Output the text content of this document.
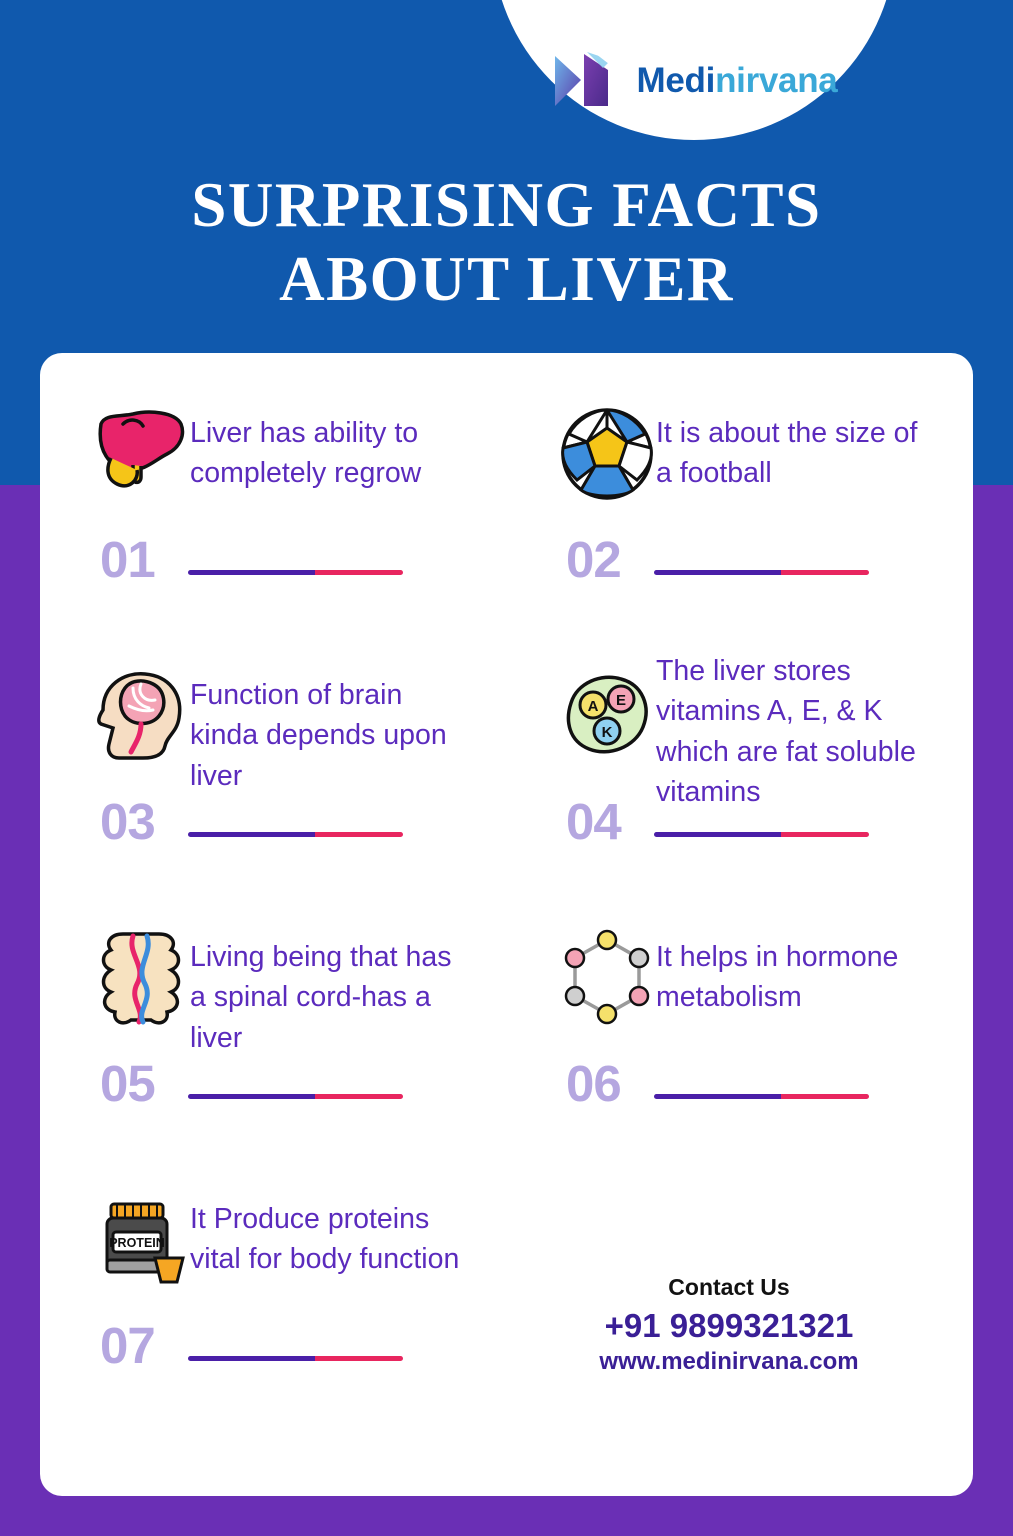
Medinirvana
SURPRISING FACTS
ABOUT LIVER
Liver has ability to completely regrow
01
It is about the size of a football
02
Function of brain kinda depends upon liver
03
A E
K
The liver stores vitamins A, E, & K which are fat soluble vitamins
04
Living being that has a spinal cord-has a liver
05
It helps in hormone metabolism
06
PROTEIN
It Produce proteins vital for body function
07
Contact Us
+91 9899321321
www.medinirvana.com
